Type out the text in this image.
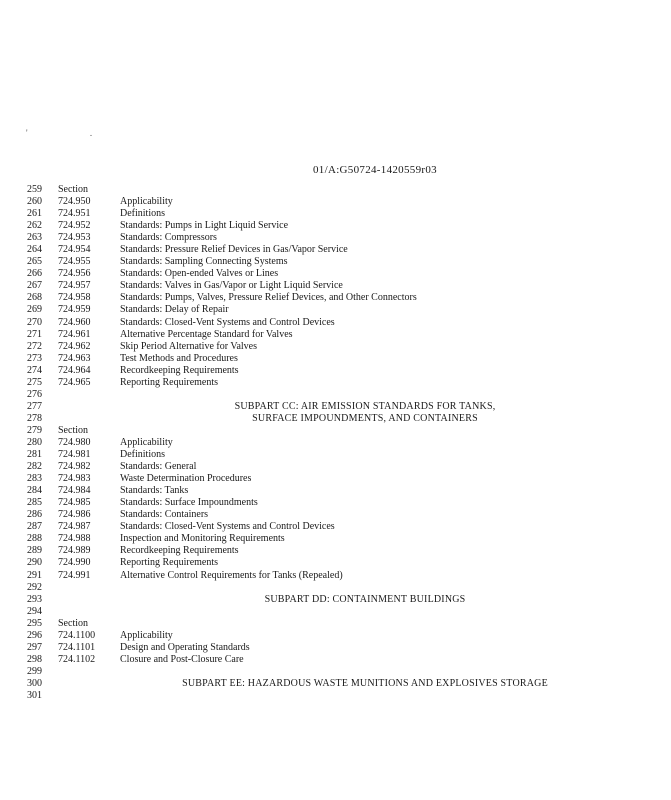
' .
01/A:G50724-1420559r03
259	Section
260	724.950	Applicability
261	724.951	Definitions
262	724.952	Standards: Pumps in Light Liquid Service
263	724.953	Standards: Compressors
264	724.954	Standards: Pressure Relief Devices in Gas/Vapor Service
265	724.955	Standards: Sampling Connecting Systems
266	724.956	Standards: Open-ended Valves or Lines
267	724.957	Standards: Valves in Gas/Vapor or Light Liquid Service
268	724.958	Standards: Pumps, Valves, Pressure Relief Devices, and Other Connectors
269	724.959	Standards: Delay of Repair
270	724.960	Standards: Closed-Vent Systems and Control Devices
271	724.961	Alternative Percentage Standard for Valves
272	724.962	Skip Period Alternative for Valves
273	724.963	Test Methods and Procedures
274	724.964	Recordkeeping Requirements
275	724.965	Reporting Requirements
276
277	SUBPART CC: AIR EMISSION STANDARDS FOR TANKS,
278	SURFACE IMPOUNDMENTS, AND CONTAINERS
279	Section
280	724.980	Applicability
281	724.981	Definitions
282	724.982	Standards: General
283	724.983	Waste Determination Procedures
284	724.984	Standards: Tanks
285	724.985	Standards: Surface Impoundments
286	724.986	Standards: Containers
287	724.987	Standards: Closed-Vent Systems and Control Devices
288	724.988	Inspection and Monitoring Requirements
289	724.989	Recordkeeping Requirements
290	724.990	Reporting Requirements
291	724.991	Alternative Control Requirements for Tanks (Repealed)
292
293	SUBPART DD: CONTAINMENT BUILDINGS
294
295	Section
296	724.1100 Applicability
297	724.1101 Design and Operating Standards
298	724.1102 Closure and Post-Closure Care
299
300	SUBPART EE: HAZARDOUS WASTE MUNITIONS AND EXPLOSIVES STORAGE
301
